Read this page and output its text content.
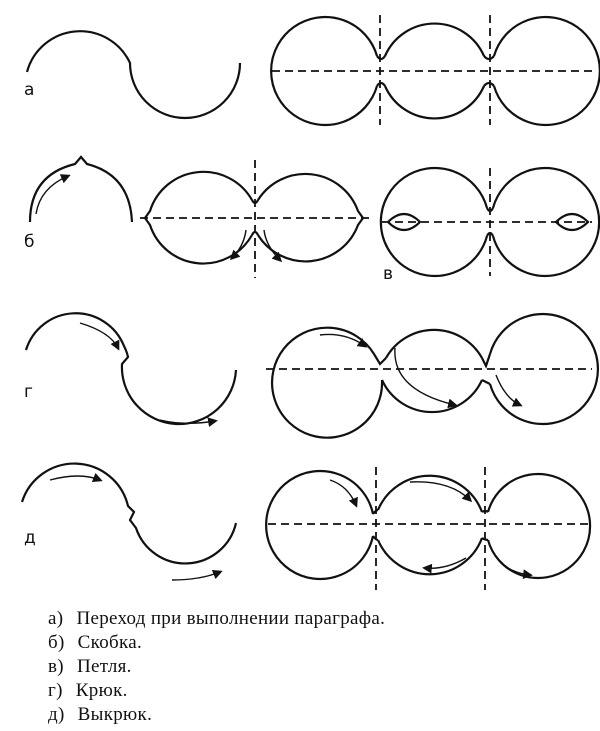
а
б
в
г
д
а) Переход при выполнении параграфа.
б) Скобка.
в) Петля.
г) Крюк.
д) Выкрюк.
